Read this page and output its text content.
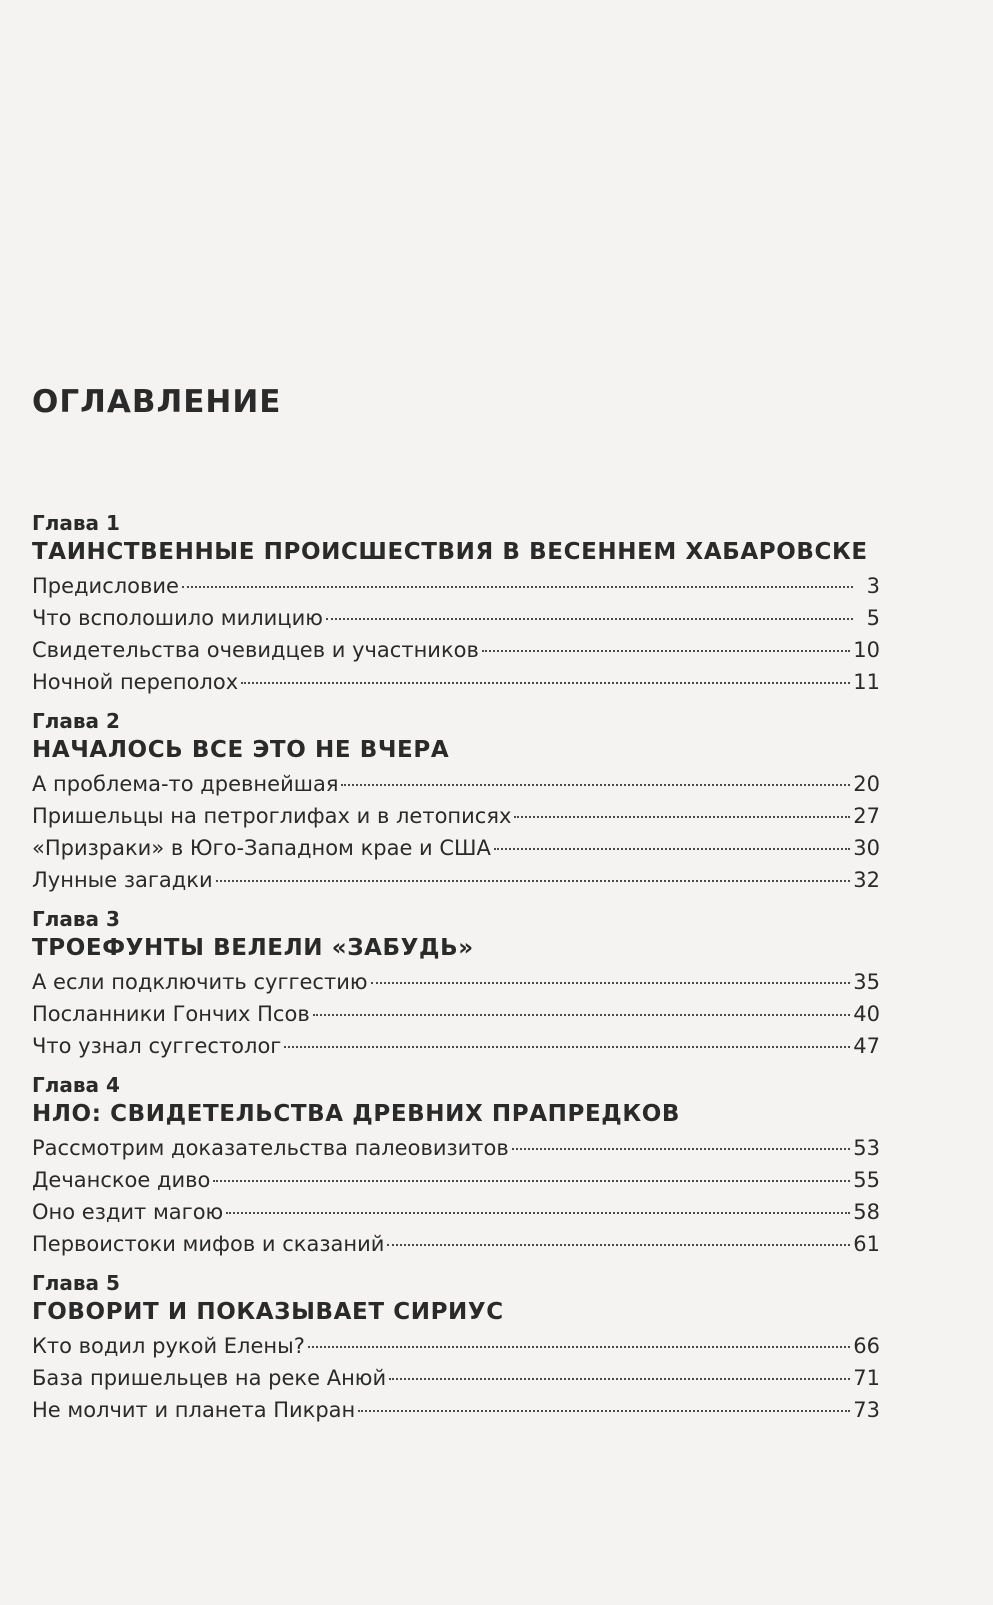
ОГЛАВЛЕНИЕ
Глава 1
ТАИНСТВЕННЫЕ ПРОИСШЕСТВИЯ В ВЕСЕННЕМ ХАБАРОВСКЕ
Предисловие	3
Что всполошило милицию	5
Свидетельства очевидцев и участников	10
Ночной переполох	11
Глава 2
НАЧАЛОСЬ ВСЕ ЭТО НЕ ВЧЕРА
А проблема-то древнейшая	20
Пришельцы на петроглифах и в летописях	27
«Призраки» в Юго-Западном крае и США	30
Лунные загадки	32
Глава 3
ТРОЕФУНТЫ ВЕЛЕЛИ «ЗАБУДЬ»
А если подключить суггестию	35
Посланники Гончих Псов	40
Что узнал суггестолог	47
Глава 4
НЛО: СВИДЕТЕЛЬСТВА ДРЕВНИХ ПРАПРЕДКОВ
Рассмотрим доказательства палеовизитов	53
Дечанское диво	55
Оно ездит магою	58
Первоистоки мифов и сказаний	61
Глава 5
ГОВОРИТ И ПОКАЗЫВАЕТ СИРИУС
Кто водил рукой Елены?	66
База пришельцев на реке Анюй	71
Не молчит и планета Пикран	73
